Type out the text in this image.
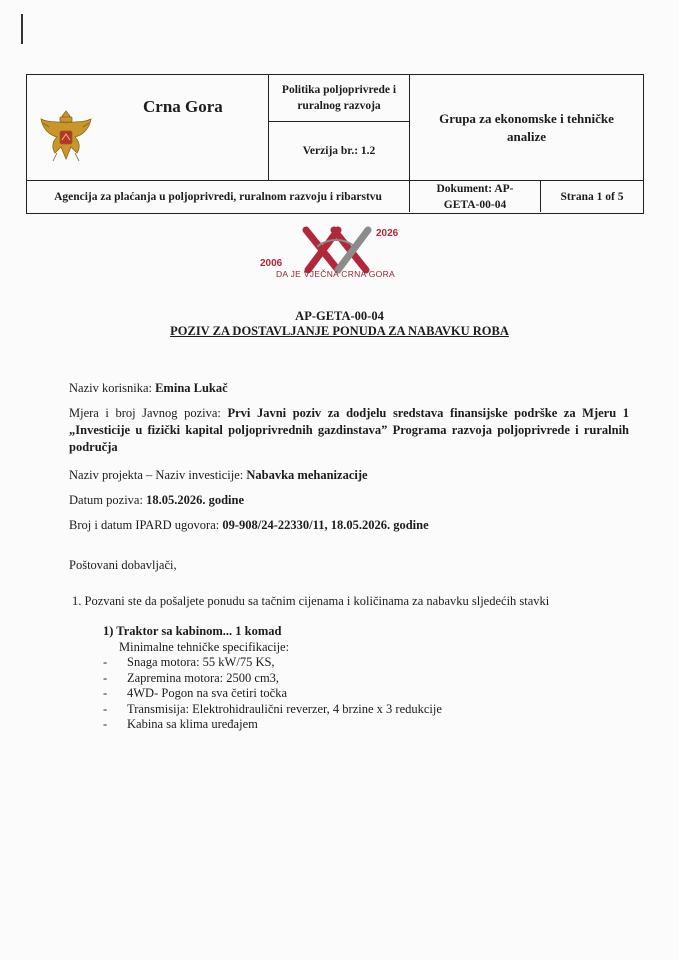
Crna Gora
Politika poljoprivrede i ruralnog razvoja
Verzija br.: 1.2
Grupa za ekonomske i tehničke analize
Agencija za plaćanja u poljoprivredi, ruralnom razvoju i ribarstvu
Dokument: AP-GETA-00-04
Strana 1 of 5
2006
2026
DA JE VJEČNA CRNA GORA
AP-GETA-00-04
POZIV ZA DOSTAVLJANJE PONUDA ZA NABAVKU ROBA
Naziv korisnika: Emina Lukač
Mjera i broj Javnog poziva: Prvi Javni poziv za dodjelu sredstava finansijske podrške za Mjeru 1 „Investicije u fizički kapital poljoprivrednih gazdinstava” Programa razvoja poljoprivrede i ruralnih područja
Naziv projekta – Naziv investicije: Nabavka mehanizacije
Datum poziva: 18.05.2026. godine
Broj i datum IPARD ugovora: 09-908/24-22330/11, 18.05.2026. godine
Poštovani dobavljači,
1. Pozvani ste da pošaljete ponudu sa tačnim cijenama i količinama za nabavku sljedećih stavki
1) Traktor sa kabinom... 1 komad
Minimalne tehničke specifikacije:
- Snaga motora: 55 kW/75 KS,
- Zapremina motora: 2500 cm3,
- 4WD- Pogon na sva četiri točka
- Transmisija: Elektrohidraulični reverzer, 4 brzine x 3 redukcije
- Kabina sa klima uređajem
